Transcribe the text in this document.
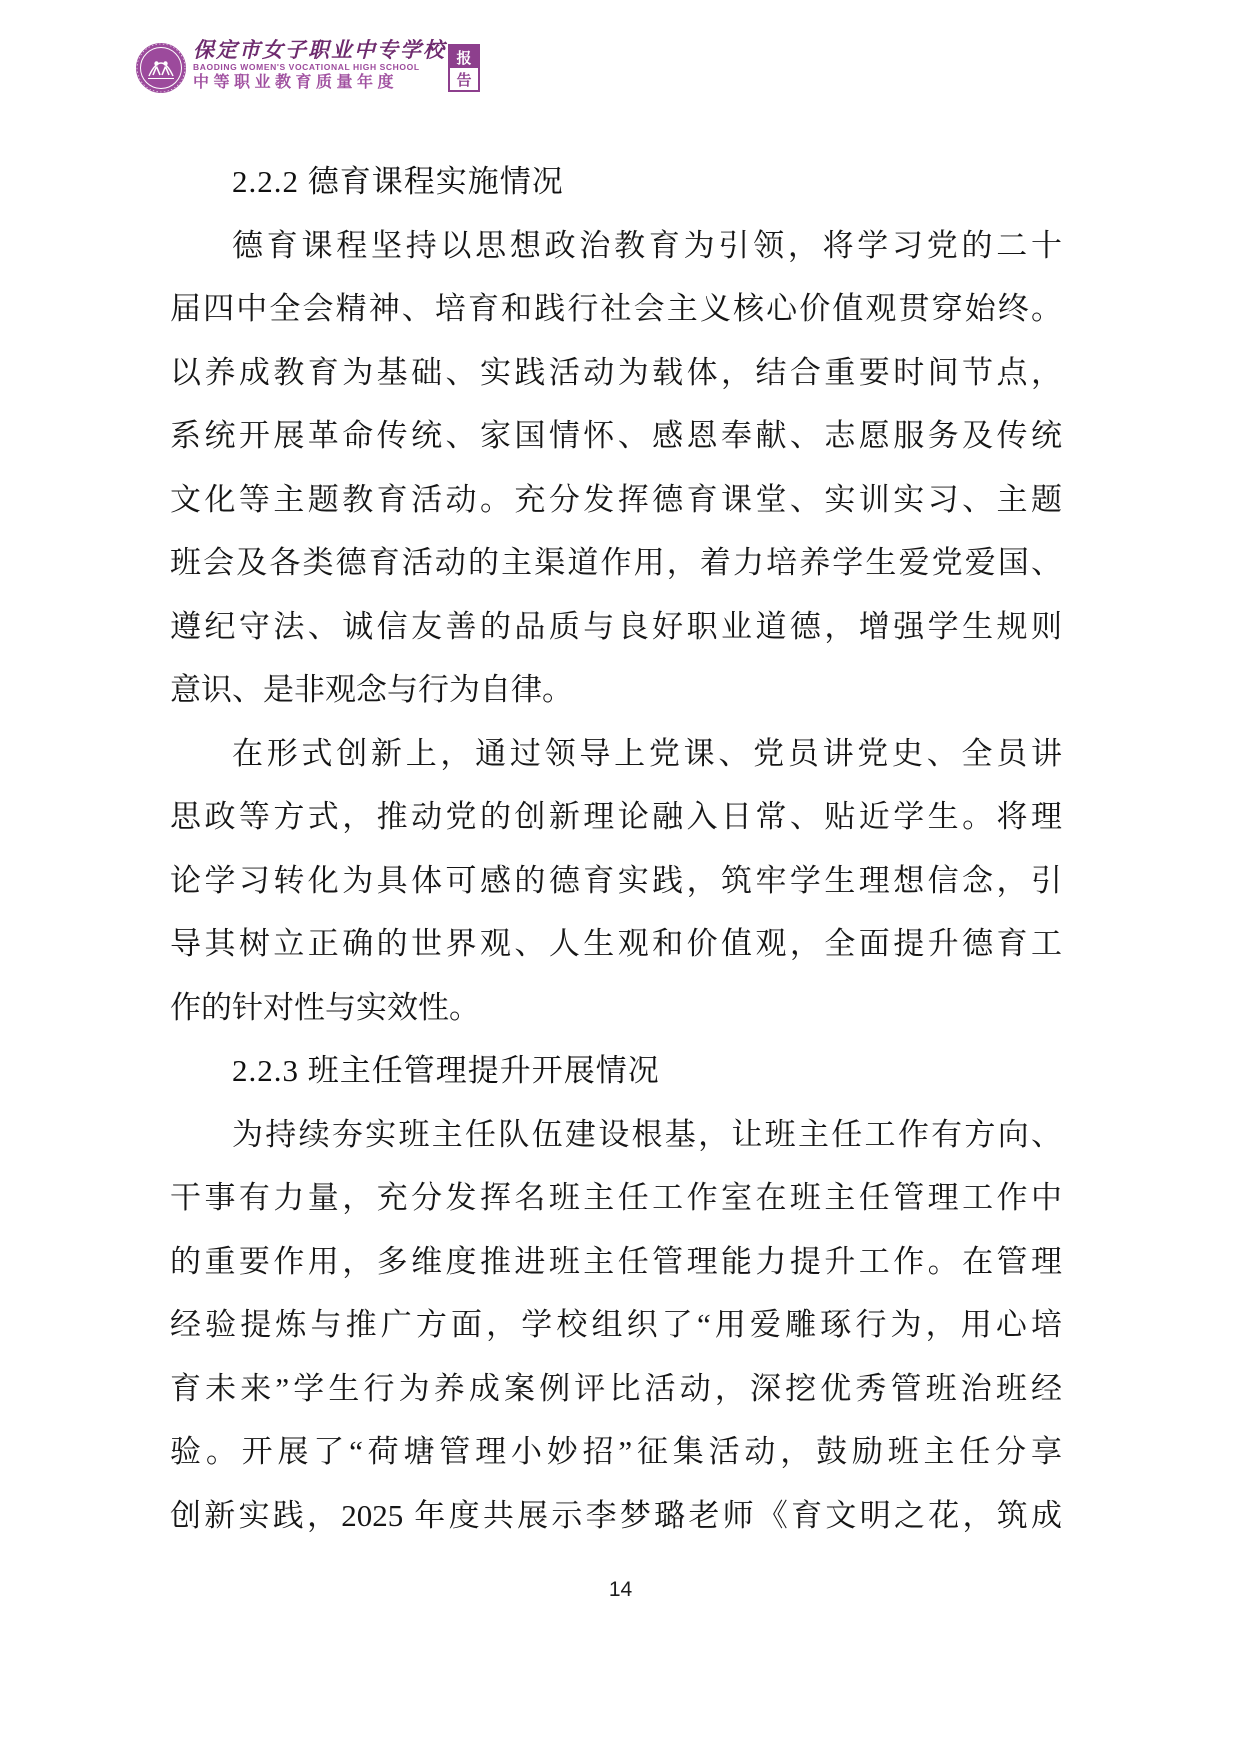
保定市女子职业中专学校
BAODING WOMEN'S VOCATIONAL HIGH SCHOOL
中等职业教育质量年度
报
告
2.2.2 德育课程实施情况
德育课程坚持以思想政治教育为引领，将学习党的二十
届四中全会精神、培育和践行社会主义核心价值观贯穿始终。
以养成教育为基础、实践活动为载体，结合重要时间节点，
系统开展革命传统、家国情怀、感恩奉献、志愿服务及传统
文化等主题教育活动。充分发挥德育课堂、实训实习、主题
班会及各类德育活动的主渠道作用，着力培养学生爱党爱国、
遵纪守法、诚信友善的品质与良好职业道德，增强学生规则
意识、是非观念与行为自律。
在形式创新上，通过领导上党课、党员讲党史、全员讲
思政等方式，推动党的创新理论融入日常、贴近学生。将理
论学习转化为具体可感的德育实践，筑牢学生理想信念，引
导其树立正确的世界观、人生观和价值观，全面提升德育工
作的针对性与实效性。
2.2.3 班主任管理提升开展情况
为持续夯实班主任队伍建设根基，让班主任工作有方向、
干事有力量，充分发挥名班主任工作室在班主任管理工作中
的重要作用，多维度推进班主任管理能力提升工作。在管理
经验提炼与推广方面，学校组织了“用爱雕琢行为，用心培
育未来”学生行为养成案例评比活动，深挖优秀管班治班经
验。开展了“荷塘管理小妙招”征集活动，鼓励班主任分享
创新实践，2025 年度共展示李梦璐老师《育文明之花，筑成
14
